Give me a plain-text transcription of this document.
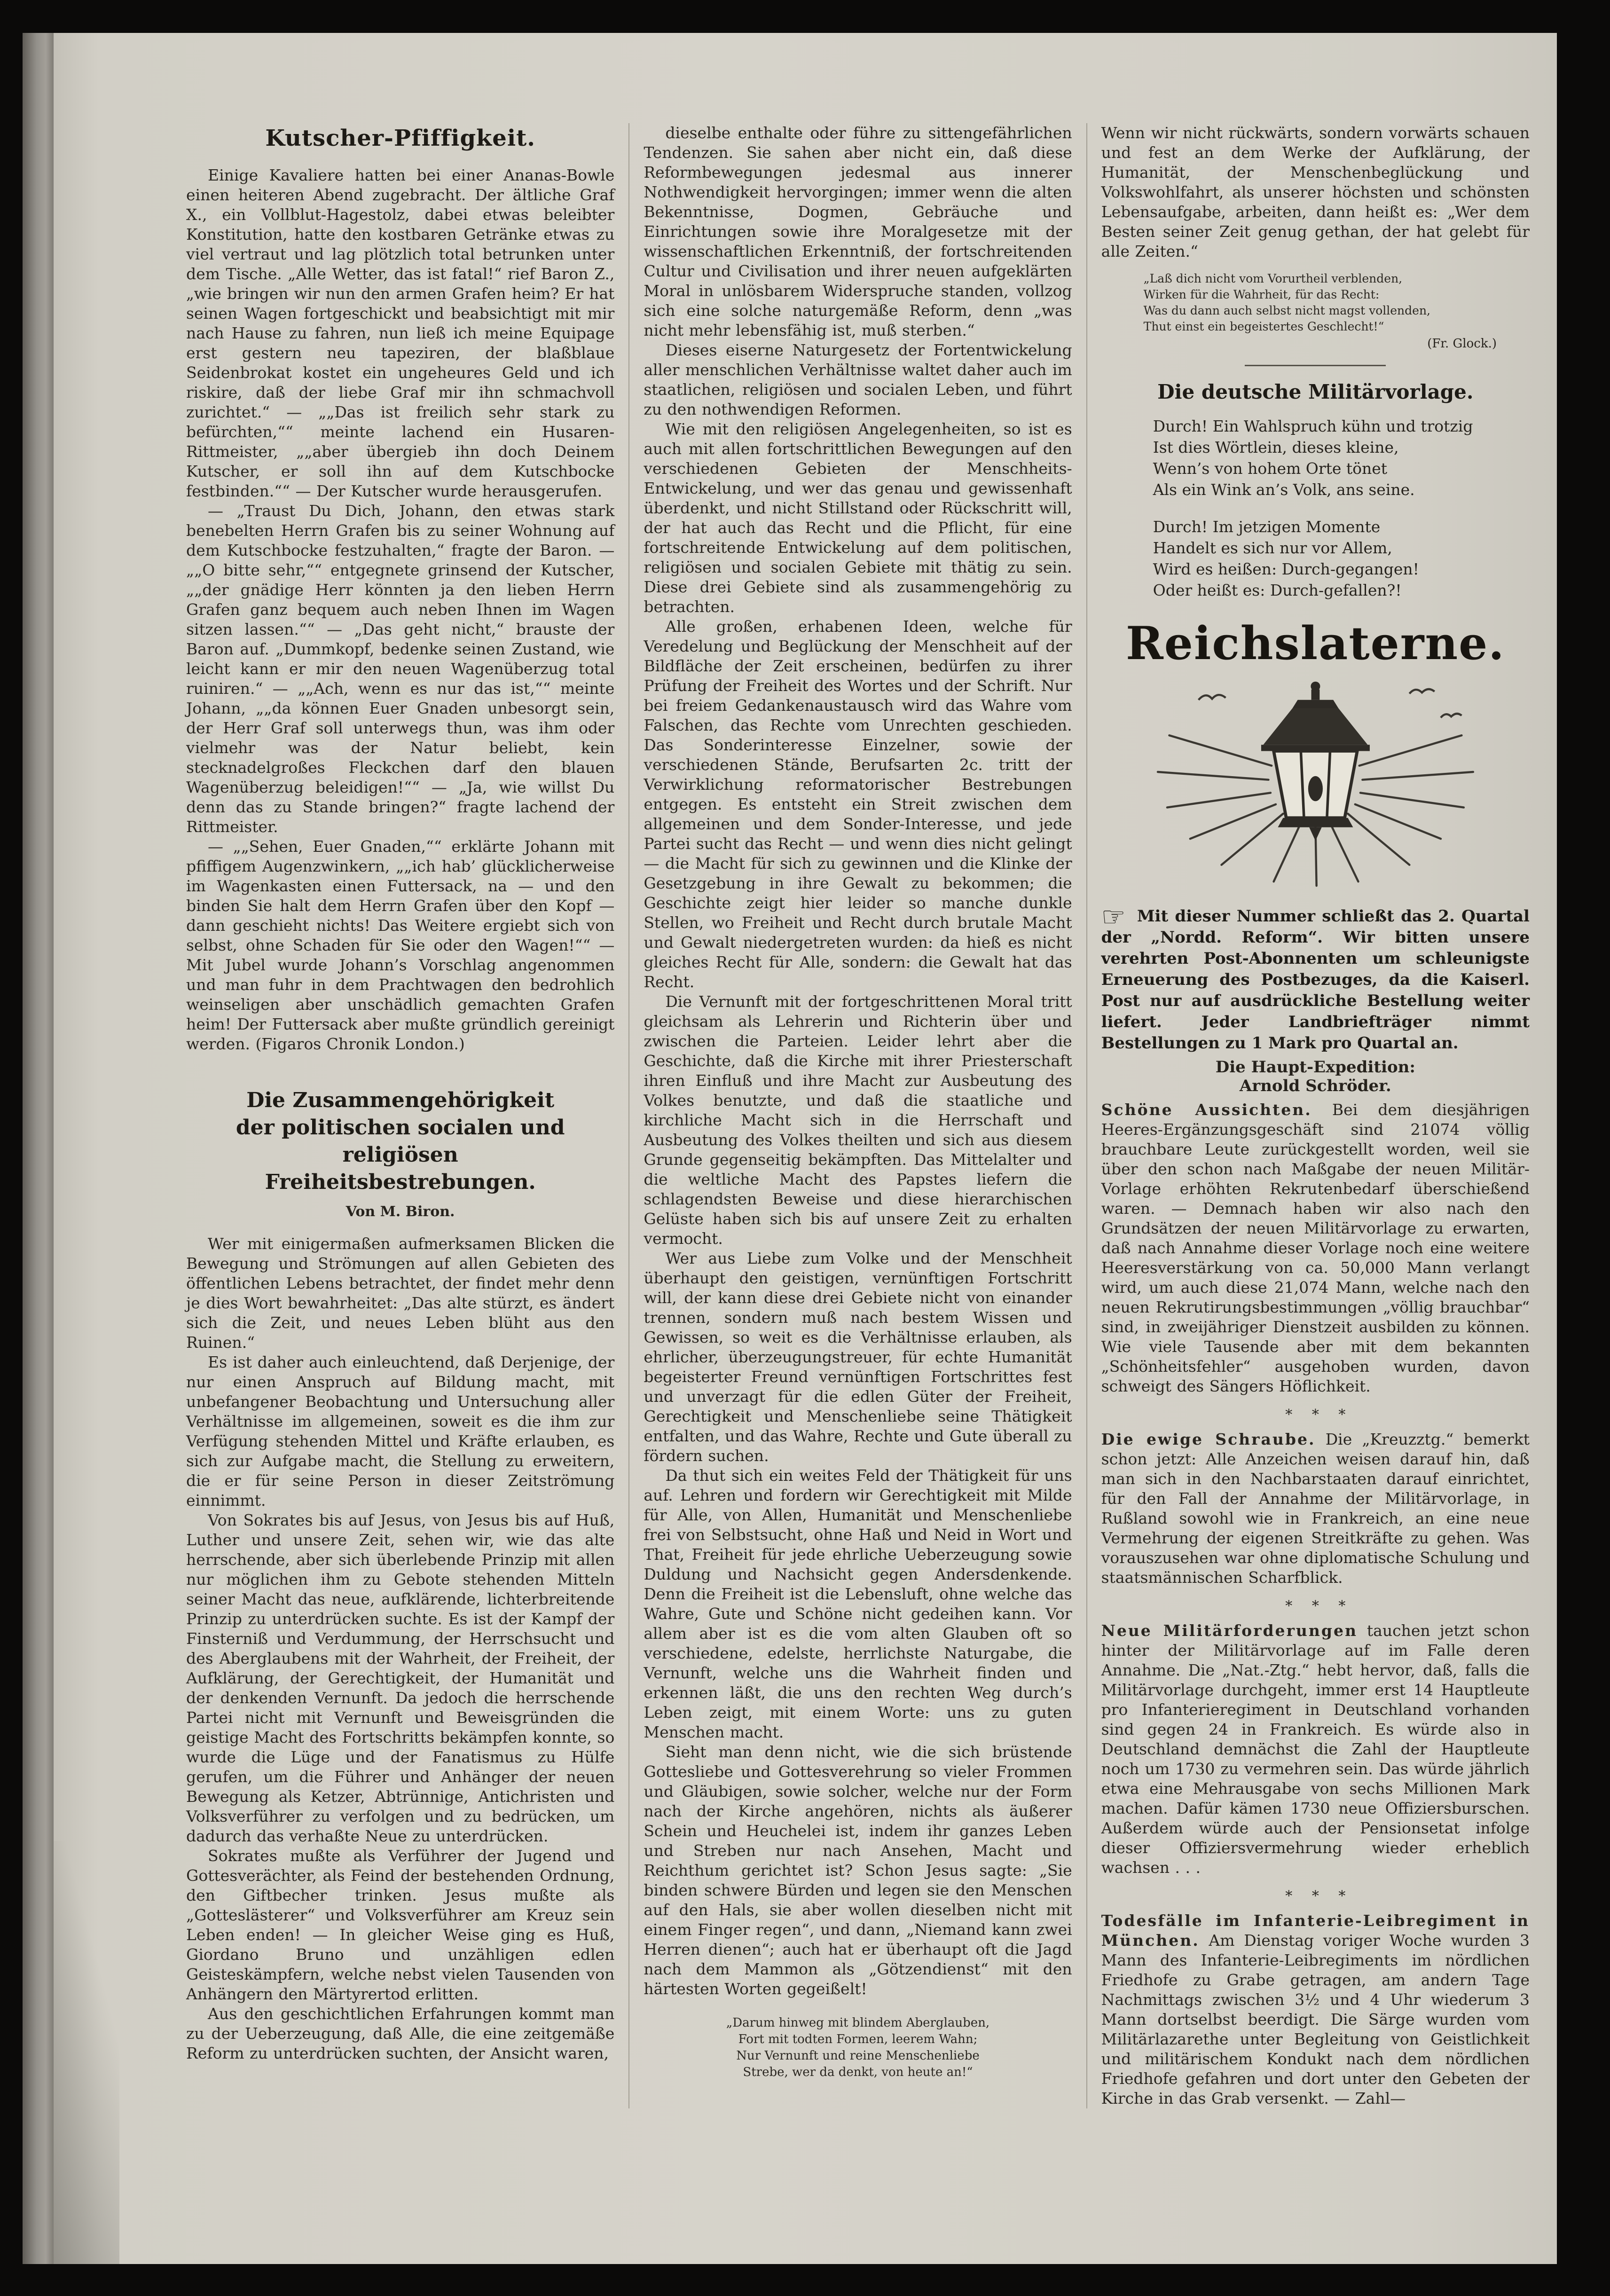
Kutscher-Pfiffigkeit.

Einige Kavaliere hatten bei einer Ananas-Bowle einen heiteren Abend zugebracht. Der ältliche Graf X., ein Vollblut-Hagestolz, dabei etwas beleibter Konstitution, hatte den kostbaren Getränke etwas zu viel vertraut und lag plötzlich total betrunken unter dem Tische. „Alle Wetter, das ist fatal!“ rief Baron Z., „wie bringen wir nun den armen Grafen heim? Er hat seinen Wagen fortgeschickt und beabsichtigt mit mir nach Hause zu fahren, nun ließ ich meine Equipage erst gestern neu tapeziren, der blaßblaue Seidenbrokat kostet ein ungeheures Geld und ich riskire, daß der liebe Graf mir ihn schmachvoll zurichtet.“ — „„Das ist freilich sehr stark zu befürchten,““ meinte lachend ein Husaren-Rittmeister, „„aber übergieb ihn doch Deinem Kutscher, er soll ihn auf dem Kutschbocke festbinden.““ — Der Kutscher wurde herausgerufen.

— „Traust Du Dich, Johann, den etwas stark benebelten Herrn Grafen bis zu seiner Wohnung auf dem Kutschbocke festzuhalten,“ fragte der Baron. — „„O bitte sehr,““ entgegnete grinsend der Kutscher, „„der gnädige Herr könnten ja den lieben Herrn Grafen ganz bequem auch neben Ihnen im Wagen sitzen lassen.““ — „Das geht nicht,“ brauste der Baron auf. „Dummkopf, bedenke seinen Zustand, wie leicht kann er mir den neuen Wagenüberzug total ruiniren.“ — „„Ach, wenn es nur das ist,““ meinte Johann, „„da können Euer Gnaden unbesorgt sein, der Herr Graf soll unterwegs thun, was ihm oder vielmehr was der Natur beliebt, kein stecknadelgroßes Fleckchen darf den blauen Wagenüberzug beleidigen!““ — „Ja, wie willst Du denn das zu Stande bringen?“ fragte lachend der Rittmeister.

— „„Sehen, Euer Gnaden,““ erklärte Johann mit pfiffigem Augenzwinkern, „„ich hab’ glücklicherweise im Wagenkasten einen Futtersack, na — und den binden Sie halt dem Herrn Grafen über den Kopf — dann geschieht nichts! Das Weitere ergiebt sich von selbst, ohne Schaden für Sie oder den Wagen!““ — Mit Jubel wurde Johann’s Vorschlag angenommen und man fuhr in dem Prachtwagen den bedrohlich weinseligen aber unschädlich gemachten Grafen heim! Der Futtersack aber mußte gründlich gereinigt werden. (Figaros Chronik London.)

Die Zusammengehörigkeit
der politischen socialen und religiösen
Freiheitsbestrebungen.
Von M. Biron.

Wer mit einigermaßen aufmerksamen Blicken die Bewegung und Strömungen auf allen Gebieten des öffentlichen Lebens betrachtet, der findet mehr denn je dies Wort bewahrheitet: „Das alte stürzt, es ändert sich die Zeit, und neues Leben blüht aus den Ruinen.“

Es ist daher auch einleuchtend, daß Derjenige, der nur einen Anspruch auf Bildung macht, mit unbefangener Beobachtung und Untersuchung aller Verhältnisse im allgemeinen, soweit es die ihm zur Verfügung stehenden Mittel und Kräfte erlauben, es sich zur Aufgabe macht, die Stellung zu erweitern, die er für seine Person in dieser Zeitströmung einnimmt.

Von Sokrates bis auf Jesus, von Jesus bis auf Huß, Luther und unsere Zeit, sehen wir, wie das alte herrschende, aber sich überlebende Prinzip mit allen nur möglichen ihm zu Gebote stehenden Mitteln seiner Macht das neue, aufklärende, lichterbreitende Prinzip zu unterdrücken suchte. Es ist der Kampf der Finsterniß und Verdummung, der Herrschsucht und des Aberglaubens mit der Wahrheit, der Freiheit, der Aufklärung, der Gerechtigkeit, der Humanität und der denkenden Vernunft. Da jedoch die herrschende Partei nicht mit Vernunft und Beweisgründen die geistige Macht des Fortschritts bekämpfen konnte, so wurde die Lüge und der Fanatismus zu Hülfe gerufen, um die Führer und Anhänger der neuen Bewegung als Ketzer, Abtrünnige, Antichristen und Volksverführer zu verfolgen und zu bedrücken, um dadurch das verhaßte Neue zu unterdrücken.

Sokrates mußte als Verführer der Jugend und Gottesverächter, als Feind der bestehenden Ordnung, den Giftbecher trinken. Jesus mußte als „Gotteslästerer“ und Volksverführer am Kreuz sein Leben enden! — In gleicher Weise ging es Huß, Giordano Bruno und unzähligen edlen Geisteskämpfern, welche nebst vielen Tausenden von Anhängern den Märtyrertod erlitten.

Aus den geschichtlichen Erfahrungen kommt man zu der Ueberzeugung, daß Alle, die eine zeitgemäße Reform zu unterdrücken suchten, der Ansicht waren,

dieselbe enthalte oder führe zu sittengefährlichen Tendenzen. Sie sahen aber nicht ein, daß diese Reformbewegungen jedesmal aus innerer Nothwendigkeit hervorgingen; immer wenn die alten Bekenntnisse, Dogmen, Gebräuche und Einrichtungen sowie ihre Moralgesetze mit der wissenschaftlichen Erkenntniß, der fortschreitenden Cultur und Civilisation und ihrer neuen aufgeklärten Moral in unlösbarem Widerspruche standen, vollzog sich eine solche naturgemäße Reform, denn „was nicht mehr lebensfähig ist, muß sterben.“

Dieses eiserne Naturgesetz der Fortentwickelung aller menschlichen Verhältnisse waltet daher auch im staatlichen, religiösen und socialen Leben, und führt zu den nothwendigen Reformen.

Wie mit den religiösen Angelegenheiten, so ist es auch mit allen fortschrittlichen Bewegungen auf den verschiedenen Gebieten der Menschheits-Entwickelung, und wer das genau und gewissenhaft überdenkt, und nicht Stillstand oder Rückschritt will, der hat auch das Recht und die Pflicht, für eine fortschreitende Entwickelung auf dem politischen, religiösen und socialen Gebiete mit thätig zu sein. Diese drei Gebiete sind als zusammengehörig zu betrachten.

Alle großen, erhabenen Ideen, welche für Veredelung und Beglückung der Menschheit auf der Bildfläche der Zeit erscheinen, bedürfen zu ihrer Prüfung der Freiheit des Wortes und der Schrift. Nur bei freiem Gedankenaustausch wird das Wahre vom Falschen, das Rechte vom Unrechten geschieden. Das Sonderinteresse Einzelner, sowie der verschiedenen Stände, Berufsarten 2c. tritt der Verwirklichung reformatorischer Bestrebungen entgegen. Es entsteht ein Streit zwischen dem allgemeinen und dem Sonder-Interesse, und jede Partei sucht das Recht — und wenn dies nicht gelingt — die Macht für sich zu gewinnen und die Klinke der Gesetzgebung in ihre Gewalt zu bekommen; die Geschichte zeigt hier leider so manche dunkle Stellen, wo Freiheit und Recht durch brutale Macht und Gewalt niedergetreten wurden: da hieß es nicht gleiches Recht für Alle, sondern: die Gewalt hat das Recht.

Die Vernunft mit der fortgeschrittenen Moral tritt gleichsam als Lehrerin und Richterin über und zwischen die Parteien. Leider lehrt aber die Geschichte, daß die Kirche mit ihrer Priesterschaft ihren Einfluß und ihre Macht zur Ausbeutung des Volkes benutzte, und daß die staatliche und kirchliche Macht sich in die Herrschaft und Ausbeutung des Volkes theilten und sich aus diesem Grunde gegenseitig bekämpften. Das Mittelalter und die weltliche Macht des Papstes liefern die schlagendsten Beweise und diese hierarchischen Gelüste haben sich bis auf unsere Zeit zu erhalten vermocht.

Wer aus Liebe zum Volke und der Menschheit überhaupt den geistigen, vernünftigen Fortschritt will, der kann diese drei Gebiete nicht von einander trennen, sondern muß nach bestem Wissen und Gewissen, so weit es die Verhältnisse erlauben, als ehrlicher, überzeugungstreuer, für echte Humanität begeisterter Freund vernünftigen Fortschrittes fest und unverzagt für die edlen Güter der Freiheit, Gerechtigkeit und Menschenliebe seine Thätigkeit entfalten, und das Wahre, Rechte und Gute überall zu fördern suchen.

Da thut sich ein weites Feld der Thätigkeit für uns auf. Lehren und fordern wir Gerechtigkeit mit Milde für Alle, von Allen, Humanität und Menschenliebe frei von Selbstsucht, ohne Haß und Neid in Wort und That, Freiheit für jede ehrliche Ueberzeugung sowie Duldung und Nachsicht gegen Andersdenkende. Denn die Freiheit ist die Lebensluft, ohne welche das Wahre, Gute und Schöne nicht gedeihen kann. Vor allem aber ist es die vom alten Glauben oft so verschiedene, edelste, herrlichste Naturgabe, die Vernunft, welche uns die Wahrheit finden und erkennen läßt, die uns den rechten Weg durch’s Leben zeigt, mit einem Worte: uns zu guten Menschen macht.

Sieht man denn nicht, wie die sich brüstende Gottesliebe und Gottesverehrung so vieler Frommen und Gläubigen, sowie solcher, welche nur der Form nach der Kirche angehören, nichts als äußerer Schein und Heuchelei ist, indem ihr ganzes Leben und Streben nur nach Ansehen, Macht und Reichthum gerichtet ist? Schon Jesus sagte: „Sie binden schwere Bürden und legen sie den Menschen auf den Hals, sie aber wollen dieselben nicht mit einem Finger regen“, und dann, „Niemand kann zwei Herren dienen“; auch hat er überhaupt oft die Jagd nach dem Mammon als „Götzendienst“ mit den härtesten Worten gegeißelt!

„Darum hinweg mit blindem Aberglauben,
Fort mit todten Formen, leerem Wahn;
Nur Vernunft und reine Menschenliebe
Strebe, wer da denkt, von heute an!“

Wenn wir nicht rückwärts, sondern vorwärts schauen und fest an dem Werke der Aufklärung, der Humanität, der Menschenbeglückung und Volkswohlfahrt, als unserer höchsten und schönsten Lebensaufgabe, arbeiten, dann heißt es: „Wer dem Besten seiner Zeit genug gethan, der hat gelebt für alle Zeiten.“

„Laß dich nicht vom Vorurtheil verblenden,
Wirken für die Wahrheit, für das Recht:
Was du dann auch selbst nicht magst vollenden,
Thut einst ein begeistertes Geschlecht!“
(Fr. Glock.)
Die deutsche Militärvorlage.
Durch! Ein Wahlspruch kühn und trotzig
Ist dies Wörtlein, dieses kleine,
Wenn’s von hohem Orte tönet
Als ein Wink an’s Volk, ans seine.
Durch! Im jetzigen Momente
Handelt es sich nur vor Allem,
Wird es heißen: Durch-gegangen!
Oder heißt es: Durch-gefallen?!
Reichslaterne.

☞ Mit dieser Nummer schließt das 2. Quartal der „Nordd. Reform“. Wir bitten unsere verehrten Post-Abonnenten um schleunigste Erneuerung des Postbezuges, da die Kaiserl. Post nur auf ausdrückliche Bestellung weiter liefert. Jeder Landbriefträger nimmt Bestellungen zu 1 Mark pro Quartal an.

Die Haupt-Expedition:
Arnold Schröder.

Schöne Aussichten. Bei dem diesjährigen Heeres-Ergänzungsgeschäft sind 21074 völlig brauchbare Leute zurückgestellt worden, weil sie über den schon nach Maßgabe der neuen Militär-Vorlage erhöhten Rekrutenbedarf überschießend waren. — Demnach haben wir also nach den Grundsätzen der neuen Militärvorlage zu erwarten, daß nach Annahme dieser Vorlage noch eine weitere Heeresverstärkung von ca. 50,000 Mann verlangt wird, um auch diese 21,074 Mann, welche nach den neuen Rekrutirungsbestimmungen „völlig brauchbar“ sind, in zweijähriger Dienstzeit ausbilden zu können. Wie viele Tausende aber mit dem bekannten „Schönheitsfehler“ ausgehoben wurden, davon schweigt des Sängers Höflichkeit.

* * *

Die ewige Schraube. Die „Kreuzztg.“ bemerkt schon jetzt: Alle Anzeichen weisen darauf hin, daß man sich in den Nachbarstaaten darauf einrichtet, für den Fall der Annahme der Militärvorlage, in Rußland sowohl wie in Frankreich, an eine neue Vermehrung der eigenen Streitkräfte zu gehen. Was vorauszusehen war ohne diplomatische Schulung und staatsmännischen Scharfblick.

* * *

Neue Militärforderungen tauchen jetzt schon hinter der Militärvorlage auf im Falle deren Annahme. Die „Nat.-Ztg.“ hebt hervor, daß, falls die Militärvorlage durchgeht, immer erst 14 Hauptleute pro Infanterieregiment in Deutschland vorhanden sind gegen 24 in Frankreich. Es würde also in Deutschland demnächst die Zahl der Hauptleute noch um 1730 zu vermehren sein. Das würde jährlich etwa eine Mehrausgabe von sechs Millionen Mark machen. Dafür kämen 1730 neue Offiziersburschen. Außerdem würde auch der Pensionsetat infolge dieser Offiziersvermehrung wieder erheblich wachsen . . .

* * *

Todesfälle im Infanterie-Leibregiment in München. Am Dienstag voriger Woche wurden 3 Mann des Infanterie-Leibregiments im nördlichen Friedhofe zu Grabe getragen, am andern Tage Nachmittags zwischen 3½ und 4 Uhr wiederum 3 Mann dortselbst beerdigt. Die Särge wurden vom Militärlazarethe unter Begleitung von Geistlichkeit und militärischem Kondukt nach dem nördlichen Friedhofe gefahren und dort unter den Gebeten der Kirche in das Grab versenkt. — Zahl—
